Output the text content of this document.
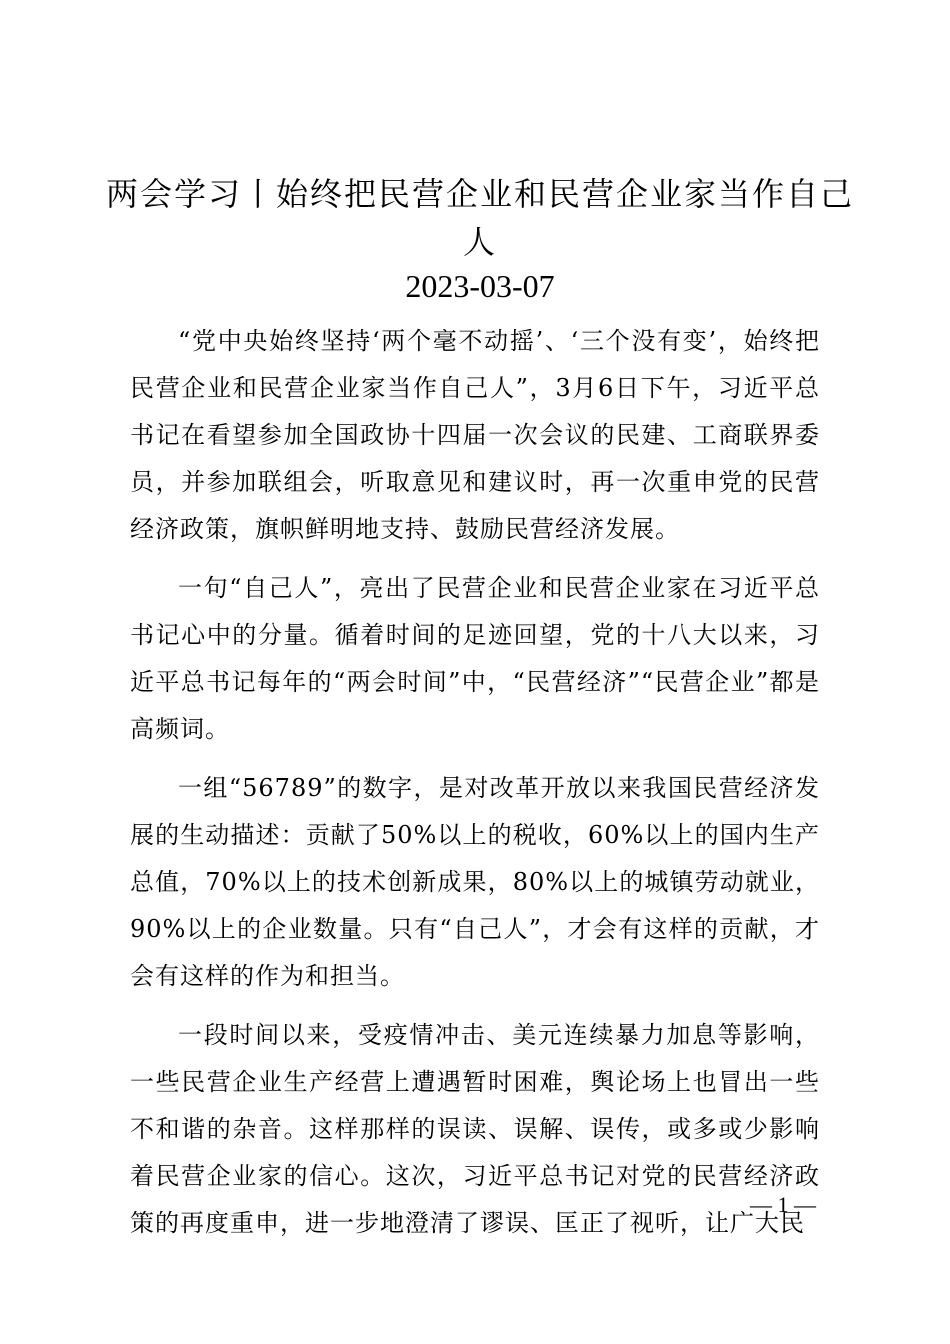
两会学习丨始终把民营企业和民营企业家当作自己人
2023-03-07

“党中央始终坚持‘两个毫不动摇’、‘三个没有变’，始终把民营企业和民营企业家当作自己人”，3月6日下午，习近平总书记在看望参加全国政协十四届一次会议的民建、工商联界委员，并参加联组会，听取意见和建议时，再一次重申党的民营经济政策，旗帜鲜明地支持、鼓励民营经济发展。

一句“自己人”，亮出了民营企业和民营企业家在习近平总书记心中的分量。循着时间的足迹回望，党的十八大以来，习近平总书记每年的“两会时间”中，“民营经济”“民营企业”都是高频词。

一组“56789”的数字，是对改革开放以来我国民营经济发展的生动描述：贡献了50%以上的税收，60%以上的国内生产总值，70%以上的技术创新成果，80%以上的城镇劳动就业，90%以上的企业数量。只有“自己人”，才会有这样的贡献，才会有这样的作为和担当。

一段时间以来，受疫情冲击、美元连续暴力加息等影响，一些民营企业生产经营上遭遇暂时困难，舆论场上也冒出一些不和谐的杂音。这样那样的误读、误解、误传，或多或少影响着民营企业家的信心。这次，习近平总书记对党的民营经济政策的再度重申，进一步地澄清了谬误、匡正了视听，让广大民

— 1 —
